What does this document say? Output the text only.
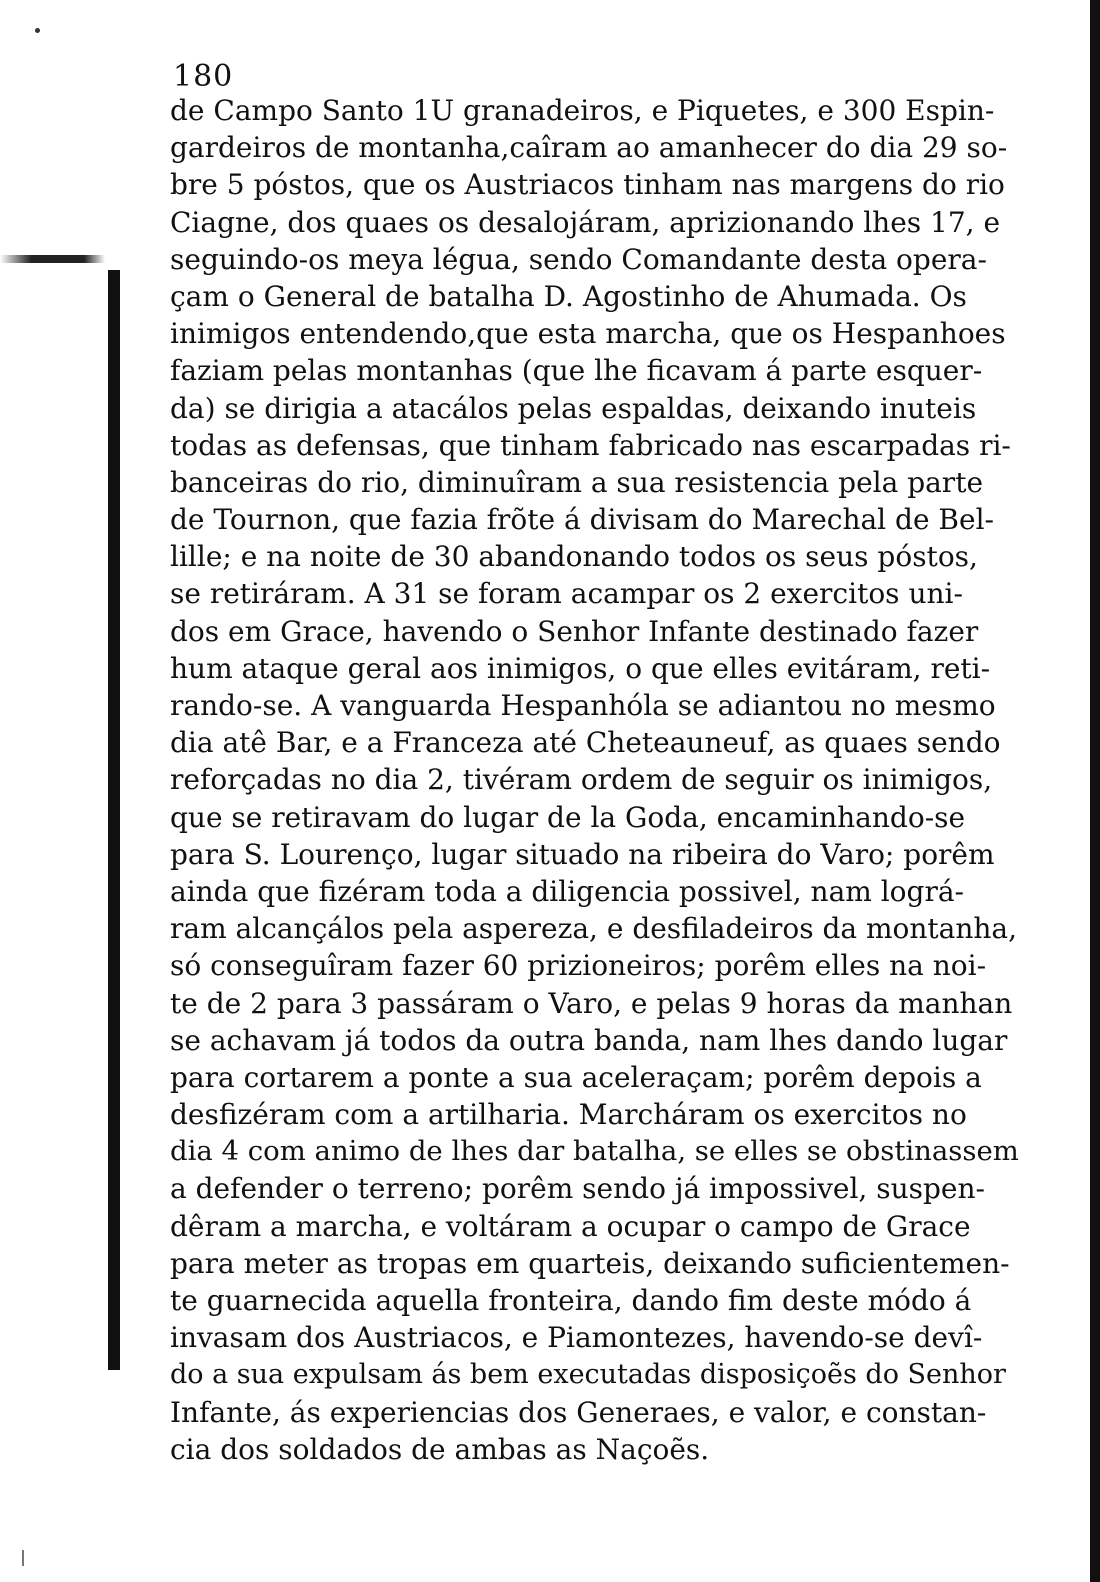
180
de Campo Santo 1U granadeiros, e Piquetes, e 300 Espin-
gardeiros de montanha,caîram ao amanhecer do dia 29 so-
bre 5 póstos, que os Austriacos tinham nas margens do rio
Ciagne, dos quaes os desalojáram, aprizionando lhes 17, e
seguindo-os meya légua, sendo Comandante desta opera-
çam o General de batalha D. Agostinho de Ahumada. Os
inimigos entendendo,que esta marcha, que os Hespanhoes
faziam pelas montanhas (que lhe ficavam á parte esquer-
da) se dirigia a atacálos pelas espaldas, deixando inuteis
todas as defensas, que tinham fabricado nas escarpadas ri-
banceiras do rio, diminuîram a sua resistencia pela parte
de Tournon, que fazia frõte á divisam do Marechal de Bel-
lille; e na noite de 30 abandonando todos os seus póstos,
se retiráram. A 31 se foram acampar os 2 exercitos uni-
dos em Grace, havendo o Senhor Infante destinado fazer
hum ataque geral aos inimigos, o que elles evitáram, reti-
rando-se. A vanguarda Hespanhóla se adiantou no mesmo
dia atê Bar, e a Franceza até Cheteauneuf, as quaes sendo
reforçadas no dia 2, tivéram ordem de seguir os inimigos,
que se retiravam do lugar de la Goda, encaminhando-se
para S. Lourenço, lugar situado na ribeira do Varo; porêm
ainda que fizéram toda a diligencia possivel, nam lográ-
ram alcançálos pela aspereza, e desfiladeiros da montanha,
só conseguîram fazer 60 prizioneiros; porêm elles na noi-
te de 2 para 3 passáram o Varo, e pelas 9 horas da manhan
se achavam já todos da outra banda, nam lhes dando lugar
para cortarem a ponte a sua aceleraçam; porêm depois a
desfizéram com a artilharia. Marcháram os exercitos no
dia 4 com animo de lhes dar batalha, se elles se obstinassem
a defender o terreno; porêm sendo já impossivel, suspen-
dêram a marcha, e voltáram a ocupar o campo de Grace
para meter as tropas em quarteis, deixando suficientemen-
te guarnecida aquella fronteira, dando fim deste módo á
invasam dos Austriacos, e Piamontezes, havendo-se devî-
do a sua expulsam ás bem executadas disposiçoẽs do Senhor
Infante, ás experiencias dos Generaes, e valor, e constan-
cia dos soldados de ambas as Naçoẽs.
